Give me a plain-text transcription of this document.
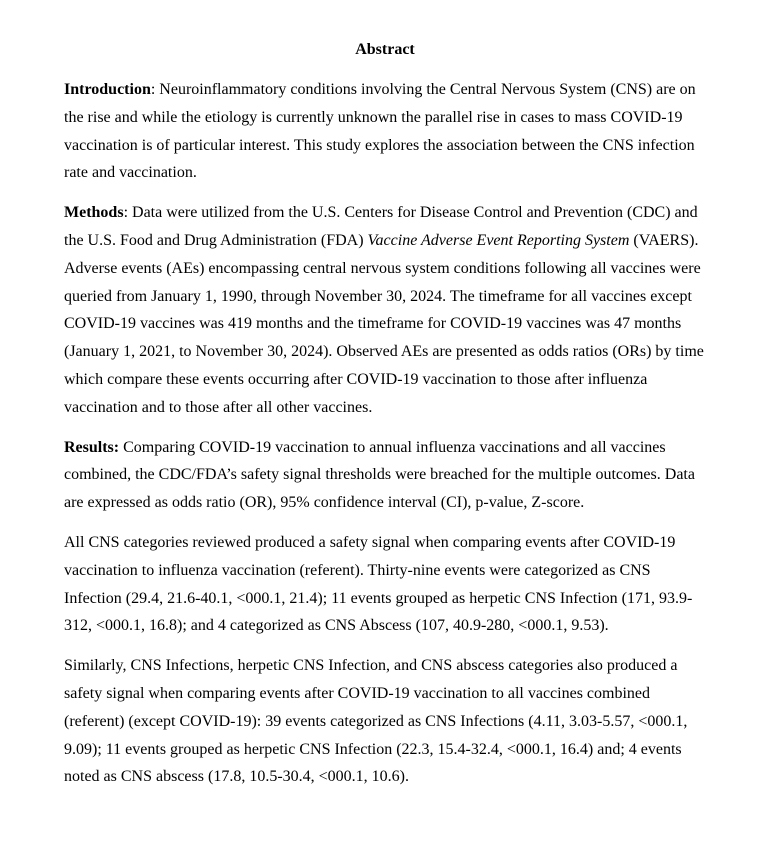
Abstract

Introduction: Neuroinflammatory conditions involving the Central Nervous System (CNS) are on the rise and while the etiology is currently unknown the parallel rise in cases to mass COVID-19 vaccination is of particular interest. This study explores the association between the CNS infection rate and vaccination.

Methods: Data were utilized from the U.S. Centers for Disease Control and Prevention (CDC) and the U.S. Food and Drug Administration (FDA) Vaccine Adverse Event Reporting System (VAERS). Adverse events (AEs) encompassing central nervous system conditions following all vaccines were queried from January 1, 1990, through November 30, 2024. The timeframe for all vaccines except COVID-19 vaccines was 419 months and the timeframe for COVID-19 vaccines was 47 months (January 1, 2021, to November 30, 2024). Observed AEs are presented as odds ratios (ORs) by time which compare these events occurring after COVID-19 vaccination to those after influenza vaccination and to those after all other vaccines.

Results: Comparing COVID-19 vaccination to annual influenza vaccinations and all vaccines combined, the CDC/FDA’s safety signal thresholds were breached for the multiple outcomes. Data are expressed as odds ratio (OR), 95% confidence interval (CI), p-value, Z-score.

All CNS categories reviewed produced a safety signal when comparing events after COVID-19 vaccination to influenza vaccination (referent). Thirty-nine events were categorized as CNS Infection (29.4, 21.6-40.1, <000.1, 21.4); 11 events grouped as herpetic CNS Infection (171, 93.9-312, <000.1, 16.8); and 4 categorized as CNS Abscess (107, 40.9-280, <000.1, 9.53).

Similarly, CNS Infections, herpetic CNS Infection, and CNS abscess categories also produced a safety signal when comparing events after COVID-19 vaccination to all vaccines combined (referent) (except COVID-19): 39 events categorized as CNS Infections (4.11, 3.03-5.57, <000.1, 9.09); 11 events grouped as herpetic CNS Infection (22.3, 15.4-32.4, <000.1, 16.4) and; 4 events noted as CNS abscess (17.8, 10.5-30.4, <000.1, 10.6).
